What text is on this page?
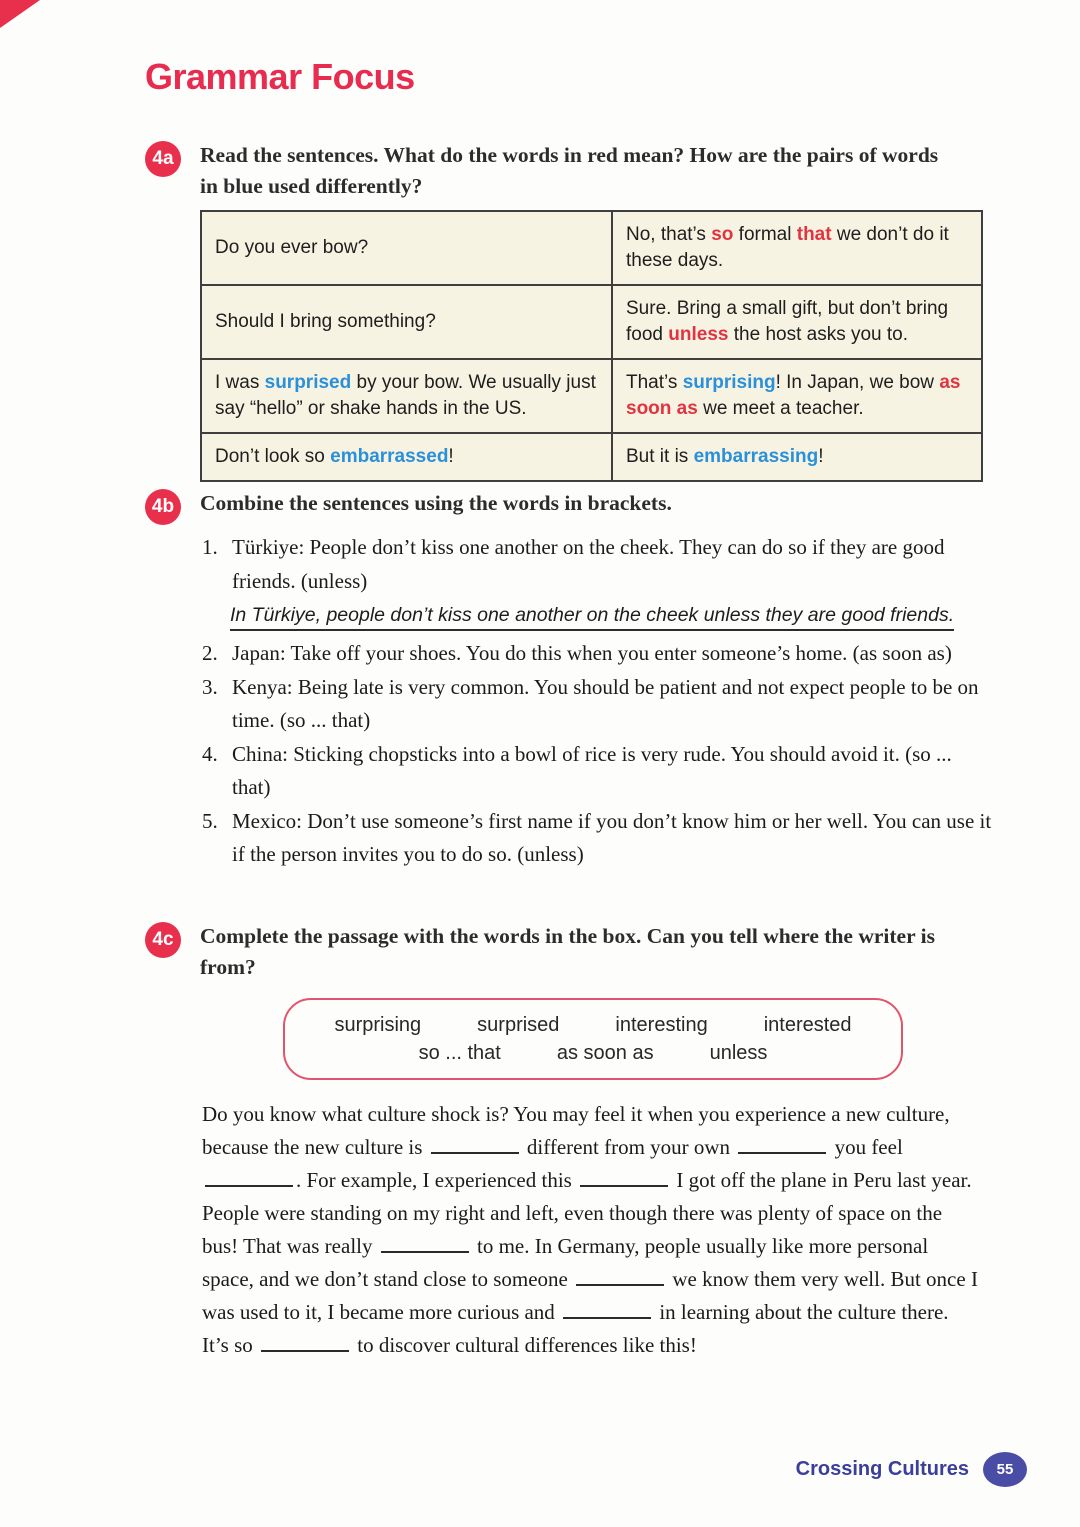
Grammar Focus
4a	Read the sentences. What do the words in red mean? How are the pairs of words in blue used differently?
Do you ever bow?	No, that’s so formal that we don’t do it these days.
Should I bring something?	Sure. Bring a small gift, but don’t bring food unless the host asks you to.
I was surprised by your bow. We usually just say “hello” or shake hands in the US.	That’s surprising! In Japan, we bow as soon as we meet a teacher.
Don’t look so embarrassed!	But it is embarrassing!
4b	Combine the sentences using the words in brackets.
1. Türkiye: People don’t kiss one another on the cheek. They can do so if they are good friends. (unless)
In Türkiye, people don’t kiss one another on the cheek unless they are good friends.
2. Japan: Take off your shoes. You do this when you enter someone’s home. (as soon as)
3. Kenya: Being late is very common. You should be patient and not expect people to be on time. (so ... that)
4. China: Sticking chopsticks into a bowl of rice is very rude. You should avoid it. (so ... that)
5. Mexico: Don’t use someone’s first name if you don’t know him or her well. You can use it if the person invites you to do so. (unless)
4c	Complete the passage with the words in the box. Can you tell where the writer is from?
surprising	surprised	interesting	interested
so ... that	as soon as	unless
Do you know what culture shock is? You may feel it when you experience a new culture, because the new culture is	different from your own	you feel . For example, I experienced this	I got off the plane in Peru last year. People were standing on my right and left, even though there was plenty of space on the bus! That was really	to me. In Germany, people usually like more personal space, and we don’t stand close to someone	we know them very well. But once I was used to it, I became more curious and	in learning about the culture there. It’s so	to discover cultural differences like this!
Crossing Cultures	55
